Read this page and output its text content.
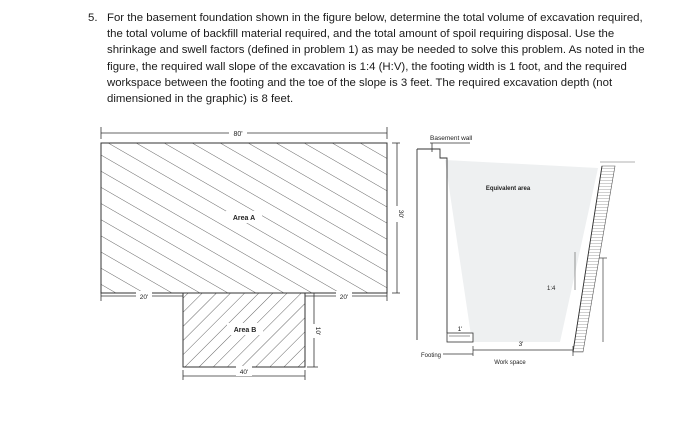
5. For the basement foundation shown in the figure below, determine the total volume of excavation required, the total volume of backfill material required, and the total amount of spoil requiring disposal. Use the shrinkage and swell factors (defined in problem 1) as may be needed to solve this problem. As noted in the figure, the required wall slope of the excavation is 1:4 (H:V), the footing width is 1 foot, and the required workspace between the footing and the toe of the slope is 3 feet. The required excavation depth (not dimensioned in the graphic) is 8 feet.
80'
Area A
30'
20'	20'
Area B	10'
40'
Basement wall
Equivalent area
1:4
1'
Footing
3'
Work space
